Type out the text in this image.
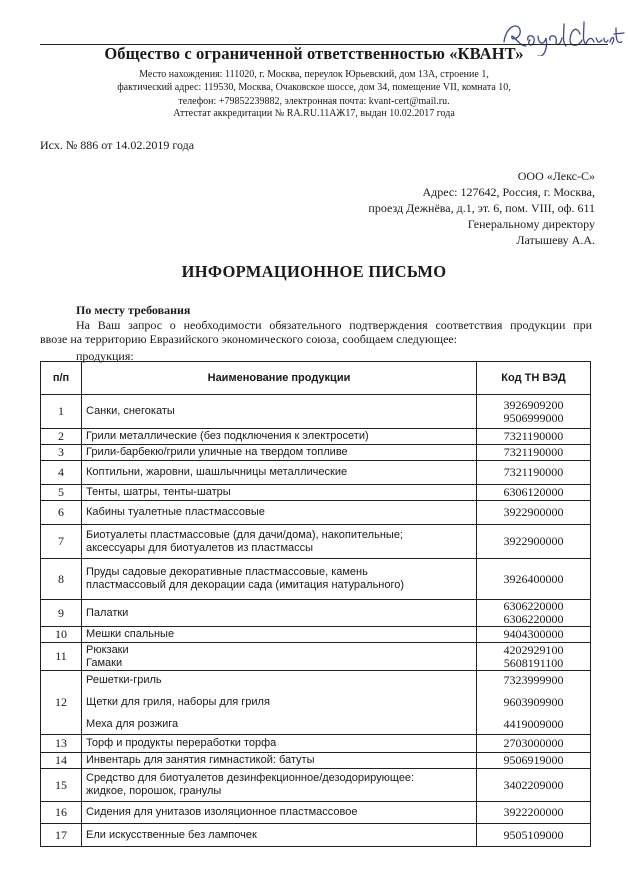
Общество с ограниченной ответственностью «КВАНТ»
Место нахождения: 111020, г. Москва, переулок Юрьевский, дом 13А, строение 1,
фактический адрес: 119530, Москва, Очаковское шоссе, дом 34, помещение VII, комната 10,
телефон: +79852239882, электронная почта: kvant-cert@mail.ru.
Аттестат аккредитации № RA.RU.11АЖ17, выдан 10.02.2017 года
Исх. № 886 от 14.02.2019 года
ООО «Лекс-С»
Адрес: 127642, Россия, г. Москва,
проезд Дежнёва, д.1, эт. 6, пом. VIII, оф. 611
Генеральному директору
Латышеву А.А.
ИНФОРМАЦИОННОЕ ПИСЬМО
По месту требования
На Ваш запрос о необходимости обязательного подтверждения соответствия продукции при
ввозе на территорию Евразийского экономического союза, сообщаем следующее:
продукция:
п/п	Наименование продукции	Код ТН ВЭД
1	Санки, снегокаты	3926909200
9506999000

2	Грили металлические (без подключения к электросети)	7321190000

3	Грили-барбекю/грили уличные на твердом топливе	7321190000

4	Коптильни, жаровни, шашлычницы металлические	7321190000

5	Тенты, шатры, тенты-шатры	6306120000

6	Кабины туалетные пластмассовые	3922900000

7	Биотуалеты пластмассовые (для дачи/дома), накопительные;
аксессуары для биотуалетов из пластмассы	3922900000

8	Пруды садовые декоративные пластмассовые, камень
пластмассовый для декорации сада (имитация натурального)	3926400000

9	Палатки	6306220000 6306220000

10	Мешки спальные	9404300000

11	Рюкзаки
Гамаки	4202929100
5608191100

12	Решетки-гриль
Щетки для гриля, наборы для гриля
Меха для розжига	7323999900
9603909900
4419009000

13	Торф и продукты переработки торфа	2703000000

14	Инвентарь для занятия гимнастикой: батуты	9506919000

15	Средство для биотуалетов дезинфекционное/дезодорирующее:
жидкое, порошок, гранулы	3402209000

16	Сидения для унитазов изоляционное пластмассовое	3922200000

17	Ели искусственные без лампочек	9505109000
